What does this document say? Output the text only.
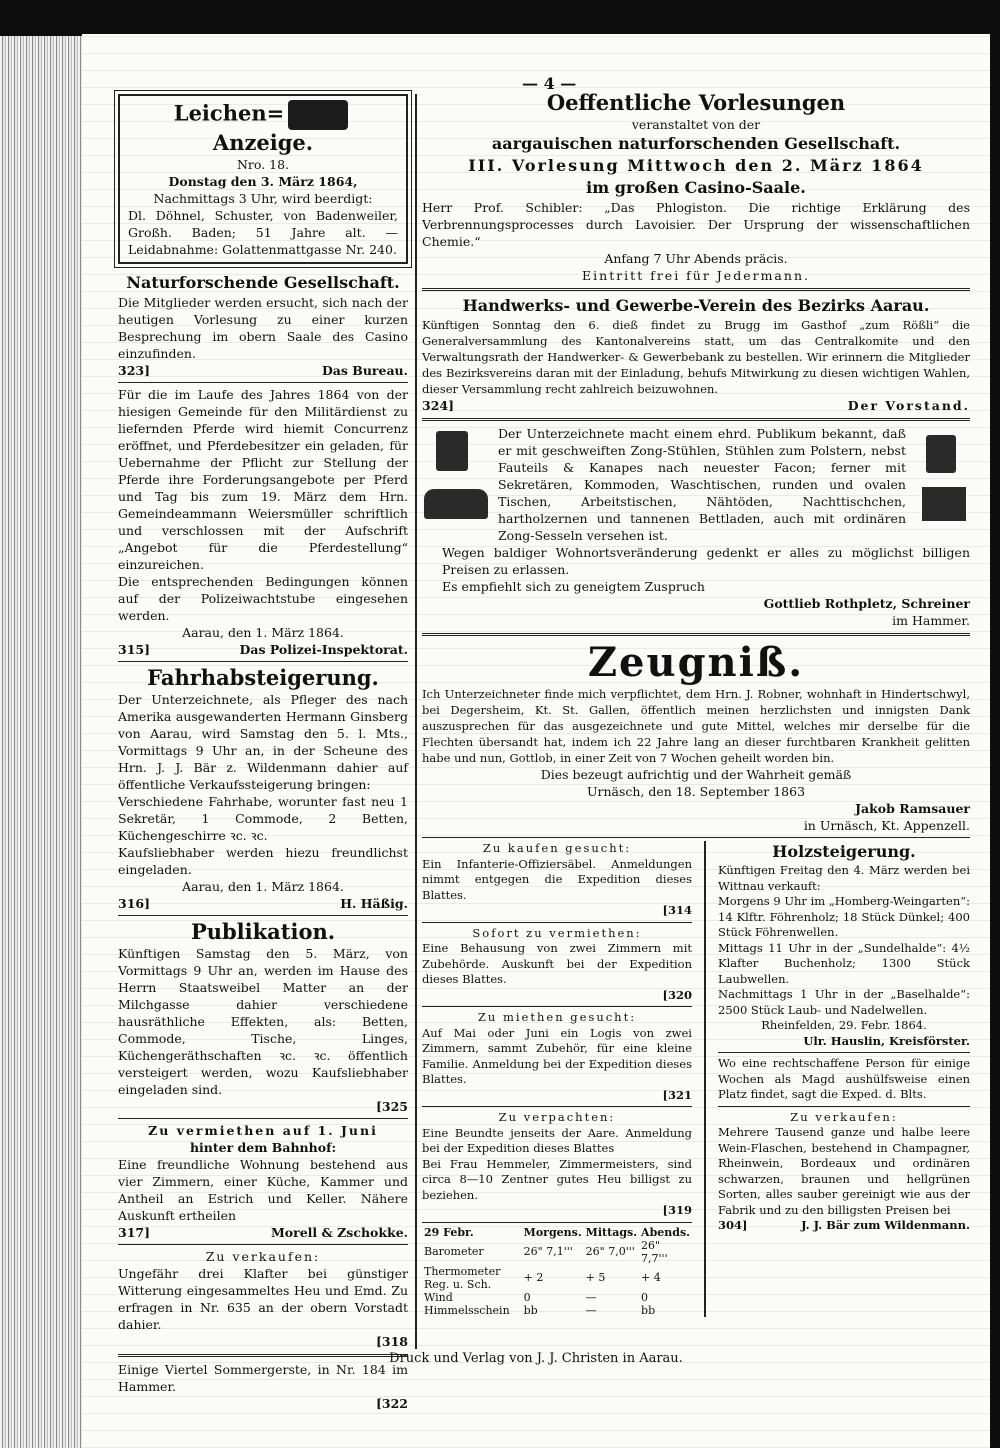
— 4 —
Leichen=Anzeige.
Nro. 18.
Donstag den 3. März 1864,
Nachmittags 3 Uhr, wird beerdigt:
Dl. Döhnel, Schuster, von Badenweiler, Großh. Baden; 51 Jahre alt. — Leidabnahme: Golattenmattgasse Nr. 240.
Naturforschende Gesellschaft.
Die Mitglieder werden ersucht, sich nach der heutigen Vorlesung zu einer kurzen Besprechung im obern Saale des Casino einzufinden.
323]	Das Bureau.
Für die im Laufe des Jahres 1864 von der hiesigen Gemeinde für den Militärdienst zu liefernden Pferde wird hiemit Concurrenz eröffnet, und Pferdebesitzer ein geladen, für Uebernahme der Pflicht zur Stellung der Pferde ihre Forderungsangebote per Pferd und Tag bis zum 19. März dem Hrn. Gemeindeammann Weiersmüller schriftlich und verschlossen mit der Aufschrift „Angebot für die Pferdestellung“ einzureichen.
Die entsprechenden Bedingungen können auf der Polizeiwachtstube eingesehen werden.
Aarau, den 1. März 1864.
315]	Das Polizei-Inspektorat.
Fahrhabsteigerung.
Der Unterzeichnete, als Pfleger des nach Amerika ausgewanderten Hermann Ginsberg von Aarau, wird Samstag den 5. l. Mts., Vormittags 9 Uhr an, in der Scheune des Hrn. J. J. Bär z. Wildenmann dahier auf öffentliche Verkaufssteigerung bringen:
Verschiedene Fahrhabe, worunter fast neu 1 Sekretär, 1 Commode, 2 Betten, Küchengeschirre ꝛc. ꝛc.
Kaufsliebhaber werden hiezu freundlichst eingeladen.
Aarau, den 1. März 1864.
316]	H. Häßig.
Publikation.
Künftigen Samstag den 5. März, von Vormittags 9 Uhr an, werden im Hause des Herrn Staatsweibel Matter an der Milchgasse dahier verschiedene hausräthliche Effekten, als: Betten, Commode, Tische, Linges, Küchengeräthschaften ꝛc. ꝛc. öffentlich versteigert werden, wozu Kaufsliebhaber eingeladen sind.
[325
Zu vermiethen auf 1. Juni
hinter dem Bahnhof:
Eine freundliche Wohnung bestehend aus vier Zimmern, einer Küche, Kammer und Antheil an Estrich und Keller. Nähere Auskunft ertheilen
317]	Morell & Zschokke.
Zu verkaufen:
Ungefähr drei Klafter bei günstiger Witterung eingesammeltes Heu und Emd. Zu erfragen in Nr. 635 an der obern Vorstadt dahier.
[318
Einige Viertel Sommergerste, in Nr. 184 im Hammer.
[322
Oeffentliche Vorlesungen
veranstaltet von der
aargauischen naturforschenden Gesellschaft.
III. Vorlesung Mittwoch den 2. März 1864
im großen Casino-Saale.
Herr Prof. Schibler: „Das Phlogiston. Die richtige Erklärung des Verbrennungsprocesses durch Lavoisier. Der Ursprung der wissenschaftlichen Chemie.“
Anfang 7 Uhr Abends präcis.
Eintritt frei für Jedermann.
Handwerks- und Gewerbe-Verein des Bezirks Aarau.
Künftigen Sonntag den 6. dieß findet zu Brugg im Gasthof „zum Rößli“ die Generalversammlung des Kantonalvereins statt, um das Centralkomite und den Verwaltungsrath der Handwerker- & Gewerbebank zu bestellen. Wir erinnern die Mitglieder des Bezirksvereins daran mit der Einladung, behufs Mitwirkung zu diesen wichtigen Wahlen, dieser Versammlung recht zahlreich beizuwohnen.
324]	Der Vorstand.
Der Unterzeichnete macht einem ehrd. Publikum bekannt, daß er mit geschweiften Zong-Stühlen, Stühlen zum Polstern, nebst Fauteils & Kanapes nach neuester Facon; ferner mit Sekretären, Kommoden, Waschtischen, runden und ovalen Tischen, Arbeitstischen, Nähtöden, Nachttischchen, hartholzernen und tannenen Bettladen, auch mit ordinären Zong-Sesseln versehen ist.
Wegen baldiger Wohnortsveränderung gedenkt er alles zu möglichst billigen Preisen zu erlassen.
Es empfiehlt sich zu geneigtem Zuspruch
Gottlieb Rothpletz, Schreiner
im Hammer.
Zeugniß.
Ich Unterzeichneter finde mich verpflichtet, dem Hrn. J. Robner, wohnhaft in Hindertschwyl, bei Degersheim, Kt. St. Gallen, öffentlich meinen herzlichsten und innigsten Dank auszusprechen für das ausgezeichnete und gute Mittel, welches mir derselbe für die Flechten übersandt hat, indem ich 22 Jahre lang an dieser furchtbaren Krankheit gelitten habe und nun, Gottlob, in einer Zeit von 7 Wochen geheilt worden bin.
Dies bezeugt aufrichtig und der Wahrheit gemäß
Urnäsch, den 18. September 1863
Jakob Ramsauer
in Urnäsch, Kt. Appenzell.
Zu kaufen gesucht:
Ein Infanterie-Offiziersäbel. Anmeldungen nimmt entgegen die Expedition dieses Blattes.
[314
Sofort zu vermiethen:
Eine Behausung von zwei Zimmern mit Zubehörde. Auskunft bei der Expedition dieses Blattes.
[320
Zu miethen gesucht:
Auf Mai oder Juni ein Logis von zwei Zimmern, sammt Zubehör, für eine kleine Familie. Anmeldung bei der Expedition dieses Blattes.
[321
Zu verpachten:
Eine Beundte jenseits der Aare. Anmeldung bei der Expedition dieses Blattes
Bei Frau Hemmeler, Zimmermeisters, sind circa 8—10 Zentner gutes Heu billigst zu beziehen.
[319
29 Febr.	Morgens.	Mittags.	Abends.
Barometer	26" 7,1'''	26" 7,0'''	26" 7,7'''
Thermometer Reg. u. Sch.	+ 2	+ 5	+ 4
Wind	0	—	0
Himmelsschein	bb	—	bb
Holzsteigerung.
Künftigen Freitag den 4. März werden bei Wittnau verkauft:
Morgens 9 Uhr im „Homberg-Weingarten“: 14 Klftr. Föhrenholz; 18 Stück Dünkel; 400 Stück Föhrenwellen.
Mittags 11 Uhr in der „Sundelhalde“: 4½ Klafter Buchenholz; 1300 Stück Laubwellen.
Nachmittags 1 Uhr in der „Baselhalde“: 2500 Stück Laub- und Nadelwellen.
Rheinfelden, 29. Febr. 1864.
Ulr. Hauslin, Kreisförster.
Wo eine rechtschaffene Person für einige Wochen als Magd aushülfsweise einen Platz findet, sagt die Exped. d. Blts.
Zu verkaufen:
Mehrere Tausend ganze und halbe leere Wein-Flaschen, bestehend in Champagner, Rheinwein, Bordeaux und ordinären schwarzen, braunen und hellgrünen Sorten, alles sauber gereinigt wie aus der Fabrik und zu den billigsten Preisen bei
304]	J. J. Bär zum Wildenmann.
Druck und Verlag von J. J. Christen in Aarau.
